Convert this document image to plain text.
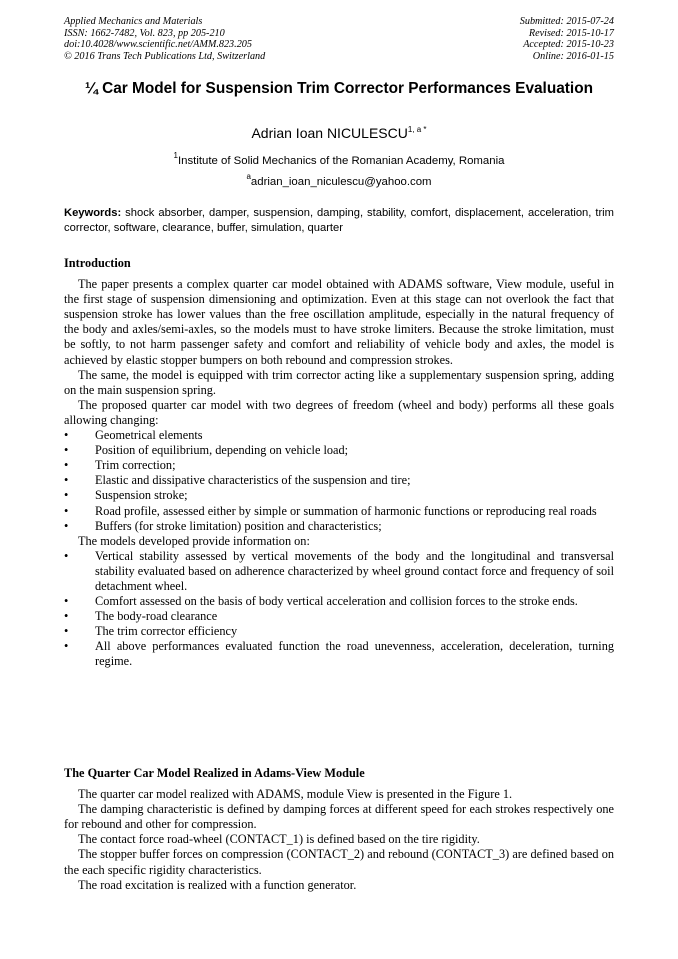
Applied Mechanics and Materials
ISSN: 1662-7482, Vol. 823, pp 205-210
doi:10.4028/www.scientific.net/AMM.823.205
© 2016 Trans Tech Publications Ltd, Switzerland
Submitted: 2015-07-24
Revised: 2015-10-17
Accepted: 2015-10-23
Online: 2016-01-15
¼ Car Model for Suspension Trim Corrector Performances Evaluation
Adrian Ioan $NICULESCU^{1, a *}$
$^1$Institute of Solid Mechanics of the Romanian Academy, Romania
$^a$adrian_ioan_niculescu@yahoo.com
Keywords: shock absorber, damper, suspension, damping, stability, comfort, displacement, acceleration, trim corrector, software, clearance, buffer, simulation, quarter
Introduction

The paper presents a complex quarter car model obtained with ADAMS software, View module, useful in the first stage of suspension dimensioning and optimization. Even at this stage can not overlook the fact that suspension stroke has lower values than the free oscillation amplitude, especially in the natural frequency of the body and axles/semi-axles, so the models must to have stroke limiters. Because the stroke limitation, must be softly, to not harm passenger safety and comfort and reliability of vehicle body and axles, the model is achieved by elastic stopper bumpers on both rebound and compression strokes.

The same, the model is equipped with trim corrector acting like a supplementary suspension spring, adding on the main suspension spring.

The proposed quarter car model with two degrees of freedom (wheel and body) performs all these goals allowing changing:

•	Geometrical elements
•	Position of equilibrium, depending on vehicle load;
•	Trim correction;
•	Elastic and dissipative characteristics of the suspension and tire;
•	Suspension stroke;
•	Road profile, assessed either by simple or summation of harmonic functions or reproducing real roads
•	Buffers (for stroke limitation) position and characteristics;

The models developed provide information on:

•	Vertical stability assessed by vertical movements of the body and the longitudinal and transversal stability evaluated based on adherence characterized by wheel ground contact force and frequency of soil detachment wheel.
•	Comfort assessed on the basis of body vertical acceleration and collision forces to the stroke ends.
•	The body-road clearance
•	The trim corrector efficiency
•	All above performances evaluated function the road unevenness, acceleration, deceleration, turning regime.
The Quarter Car Model Realized in Adams-View Module

The quarter car model realized with ADAMS, module View is presented in the Figure 1.

The damping characteristic is defined by damping forces at different speed for each strokes respectively one for rebound and other for compression.

The contact force road-wheel (CONTACT_1) is defined based on the tire rigidity.

The stopper buffer forces on compression (CONTACT_2) and rebound (CONTACT_3) are defined based on the each specific rigidity characteristics.

The road excitation is realized with a function generator.
